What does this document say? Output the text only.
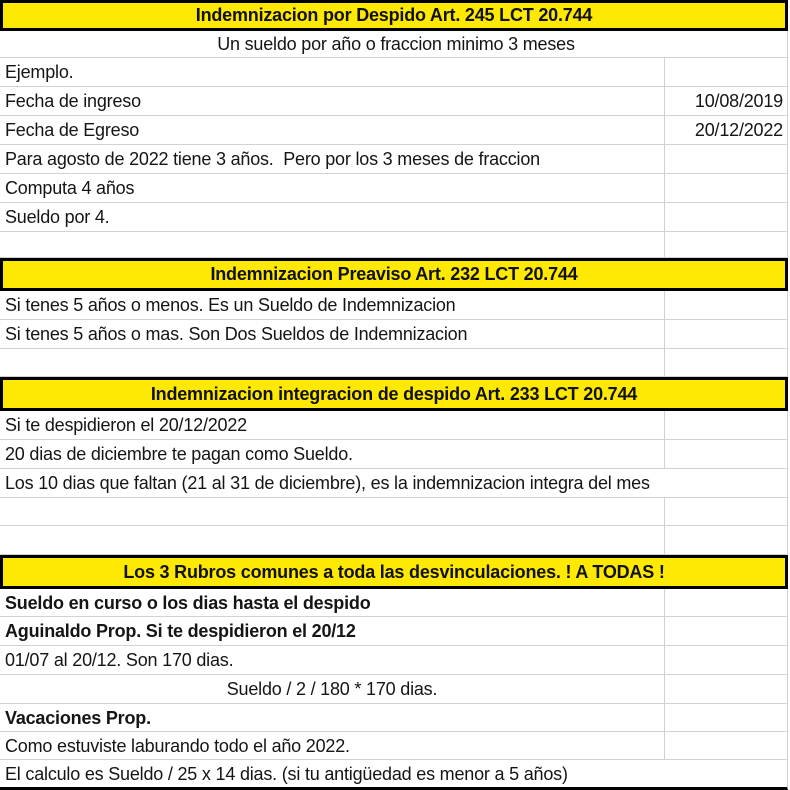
Indemnizacion por Despido Art. 245 LCT 20.744
Un sueldo por año o fraccion minimo 3 meses
Ejemplo.
Fecha de ingreso	10/08/2019
Fecha de Egreso	20/12/2022
Para agosto de 2022 tiene 3 años.  Pero por los 3 meses de fraccion
Computa 4 años
Sueldo por 4.
Indemnizacion Preaviso Art. 232 LCT 20.744
Si tenes 5 años o menos. Es un Sueldo de Indemnizacion
Si tenes 5 años o mas. Son Dos Sueldos de Indemnizacion
Indemnizacion integracion de despido Art. 233 LCT 20.744
Si te despidieron el 20/12/2022
20 dias de diciembre te pagan como Sueldo.
Los 10 dias que faltan (21 al 31 de diciembre), es la indemnizacion integra del mes
Los 3 Rubros comunes a toda las desvinculaciones. ! A TODAS !
Sueldo en curso o los dias hasta el despido
Aguinaldo Prop. Si te despidieron el 20/12
01/07 al 20/12. Son 170 dias.
Sueldo / 2 / 180 * 170 dias.
Vacaciones Prop.
Como estuviste laburando todo el año 2022.
El calculo es Sueldo / 25 x 14 dias. (si tu antigüedad es menor a 5 años)
